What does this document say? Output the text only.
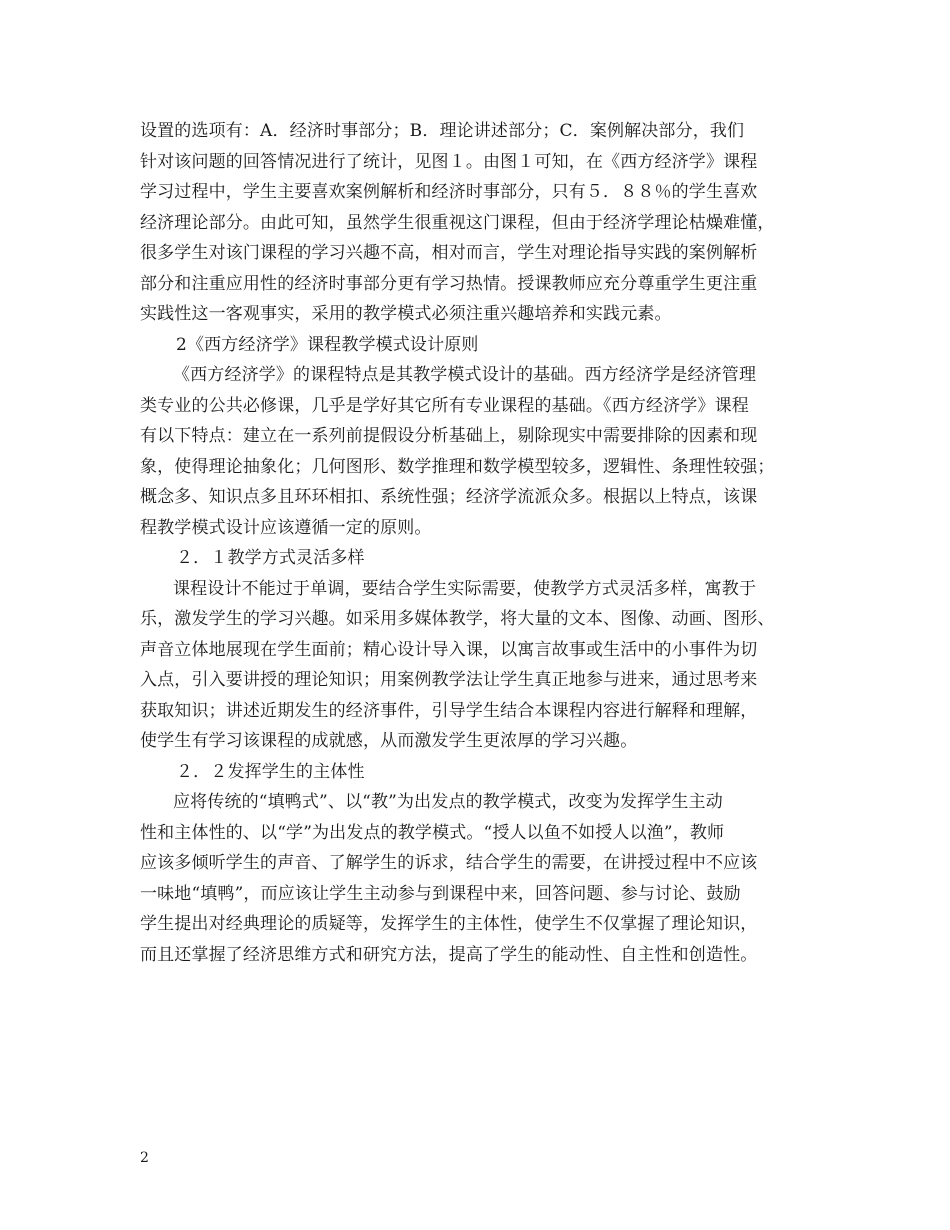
设置的选项有：A．经济时事部分；B．理论讲述部分；C．案例解决部分，我们
针对该问题的回答情况进行了统计，见图１。由图１可知，在《西方经济学》课程
学习过程中，学生主要喜欢案例解析和经济时事部分，只有５．８８％的学生喜欢
经济理论部分。由此可知，虽然学生很重视这门课程，但由于经济学理论枯燥难懂，
很多学生对该门课程的学习兴趣不高，相对而言，学生对理论指导实践的案例解析
部分和注重应用性的经济时事部分更有学习热情。授课教师应充分尊重学生更注重
实践性这一客观事实，采用的教学模式必须注重兴趣培养和实践元素。
2《西方经济学》课程教学模式设计原则
《西方经济学》的课程特点是其教学模式设计的基础。西方经济学是经济管理
类专业的公共必修课，几乎是学好其它所有专业课程的基础。《西方经济学》课程
有以下特点：建立在一系列前提假设分析基础上，剔除现实中需要排除的因素和现
象，使得理论抽象化；几何图形、数学推理和数学模型较多，逻辑性、条理性较强；
概念多、知识点多且环环相扣、系统性强；经济学流派众多。根据以上特点，该课
程教学模式设计应该遵循一定的原则。
２．１教学方式灵活多样
课程设计不能过于单调，要结合学生实际需要，使教学方式灵活多样，寓教于
乐，激发学生的学习兴趣。如采用多媒体教学，将大量的文本、图像、动画、图形、
声音立体地展现在学生面前；精心设计导入课，以寓言故事或生活中的小事件为切
入点，引入要讲授的理论知识；用案例教学法让学生真正地参与进来，通过思考来
获取知识；讲述近期发生的经济事件，引导学生结合本课程内容进行解释和理解，
使学生有学习该课程的成就感，从而激发学生更浓厚的学习兴趣。
２．２发挥学生的主体性
应将传统的“填鸭式”、以“教”为出发点的教学模式，改变为发挥学生主动
性和主体性的、以“学”为出发点的教学模式。“授人以鱼不如授人以渔”，教师
应该多倾听学生的声音、了解学生的诉求，结合学生的需要，在讲授过程中不应该
一味地“填鸭”，而应该让学生主动参与到课程中来，回答问题、参与讨论、鼓励
学生提出对经典理论的质疑等，发挥学生的主体性，使学生不仅掌握了理论知识，
而且还掌握了经济思维方式和研究方法，提高了学生的能动性、自主性和创造性。
2
